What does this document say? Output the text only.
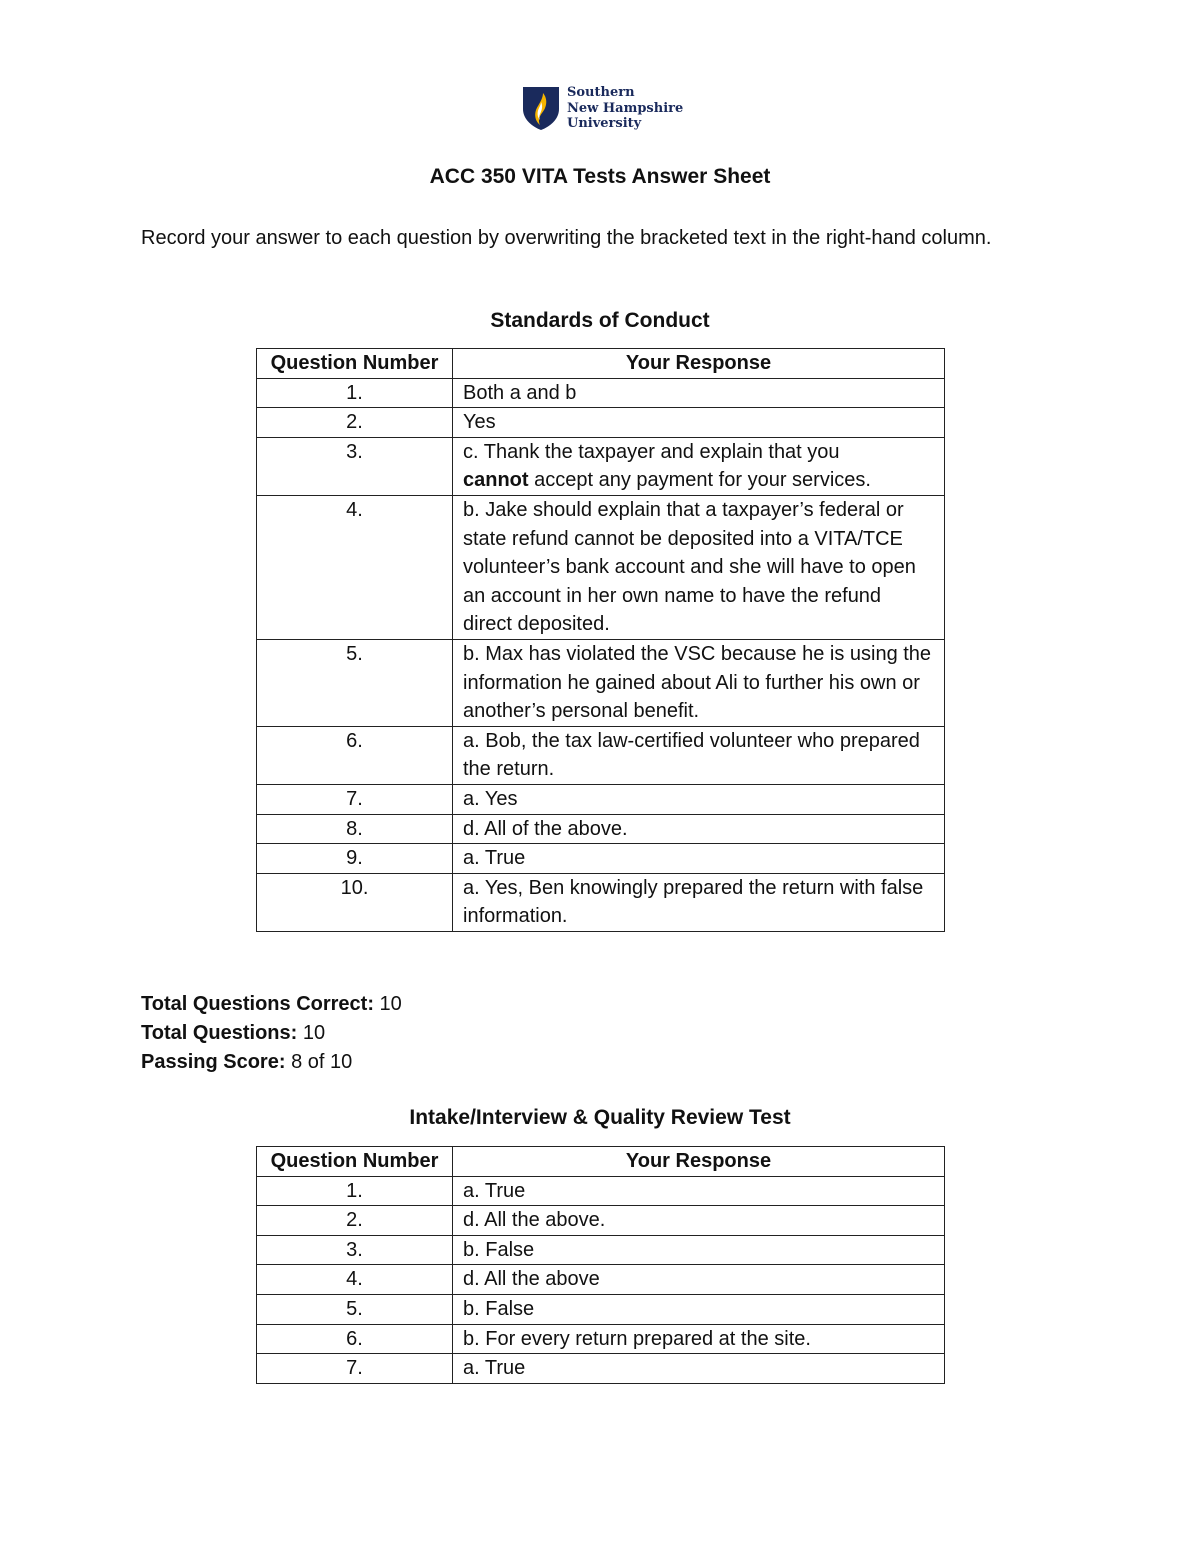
Southern
New Hampshire
University
ACC 350 VITA Tests Answer Sheet
Record your answer to each question by overwriting the bracketed text in the right-hand column.
Standards of Conduct
Question Number	Your Response
1.	Both a and b
2.	Yes
3.	c. Thank the taxpayer and explain that you cannot accept any payment for your services.
4.	b. Jake should explain that a taxpayer’s federal or state refund cannot be deposited into a VITA/TCE volunteer’s bank account and she will have to open an account in her own name to have the refund direct deposited.
5.	b. Max has violated the VSC because he is using the information he gained about Ali to further his own or another’s personal benefit.
6.	a. Bob, the tax law-certified volunteer who prepared the return.
7.	a. Yes
8.	d. All of the above.
9.	a. True
10.	a. Yes, Ben knowingly prepared the return with false information.
Total Questions Correct: 10
Total Questions: 10
Passing Score: 8 of 10
Intake/Interview & Quality Review Test
Question Number	Your Response
1.	a. True
2.	d. All the above.
3.	b. False
4.	d. All the above
5.	b. False
6.	b. For every return prepared at the site.
7.	a. True
